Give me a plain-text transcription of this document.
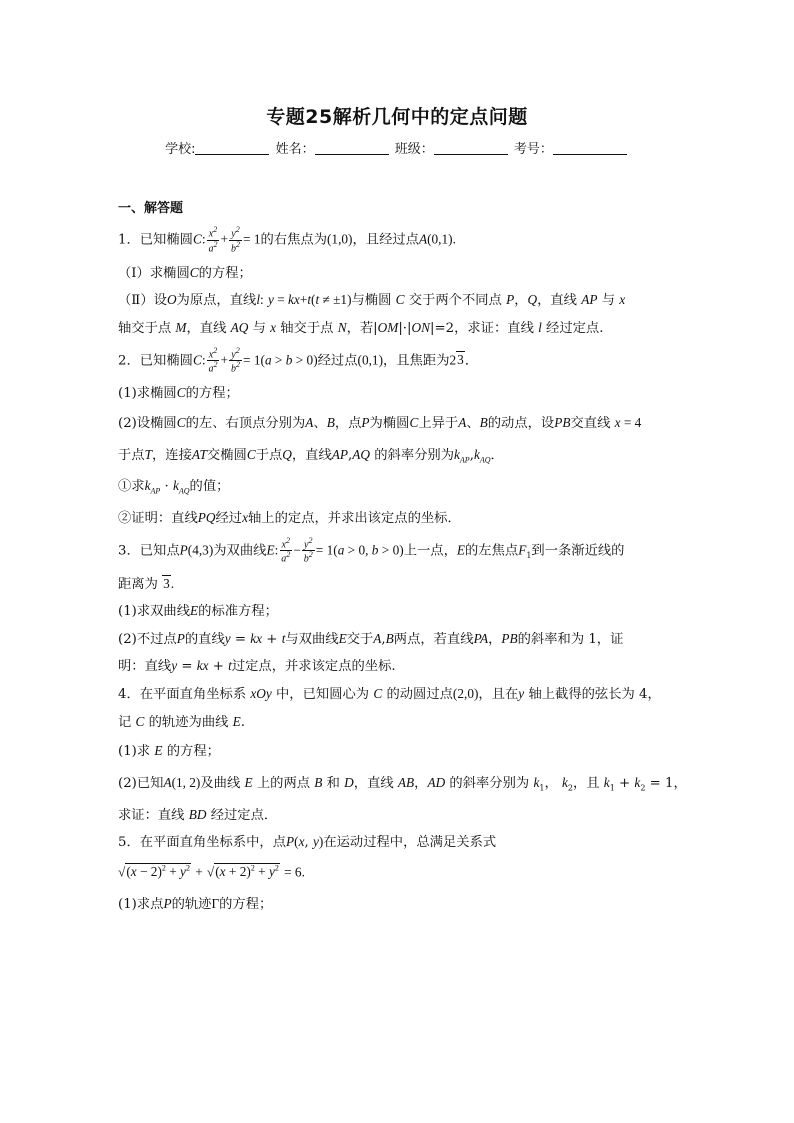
专题25解析几何中的定点问题
学校:	姓名：	班级：	考号：
一、解答题

1．已知椭圆C: $\frac{x^2}{a^2} + \frac{y^2}{b^2} = 1$的右焦点为(1,0)，且经过点A(0,1).

（Ⅰ）求椭圆C的方程；

（Ⅱ）设O为原点，直线l: y = kx+t(t ≠ ±1)与椭圆 C 交于两个不同点 P，Q，直线 AP 与 x

轴交于点 M，直线 AQ 与 x 轴交于点 N，若|OM|·|ON|=2，求证：直线 l 经过定点.

2．已知椭圆C: $\frac{x^2}{a^2} + \frac{y^2}{b^2} = 1(a > b > 0)$经过点(0,1)，且焦距为23．

(1)求椭圆C的方程；

(2)设椭圆C的左、右顶点分别为A、B，点P为椭圆C上异于A、B的动点，设PB交直线 x = 4

于点T，连接AT交椭圆C于点Q，直线AP,AQ 的斜率分别为$k_{AP},k_{AQ}$．

①求$k_{AP} \cdot k_{AQ}$的值；

②证明：直线PQ经过x轴上的定点，并求出该定点的坐标．

3．已知点P(4,3)为双曲线E: $\frac{x^2}{a^2} - \frac{y^2}{b^2} = 1(a > 0$, b > 0)上一点，E的左焦点$F_1$到一条渐近线的

距离为 3.

(1)求双曲线E的标准方程；

(2)不过点P的直线y = kx + t与双曲线E交于A,B两点，若直线PA，PB的斜率和为 1，证

明：直线y = kx + t过定点，并求该定点的坐标.

4．在平面直角坐标系 xOy 中，已知圆心为 C 的动圆过点(2,0)，且在y 轴上截得的弦长为 4，

记 C 的轨迹为曲线 E.

(1)求 E 的方程；

(2)已知A(1, 2)及曲线 E 上的两点 B 和 D，直线 AB，AD 的斜率分别为 $k_1$， $k_2$，且 $k_1 + k_2 = 1$，

求证：直线 BD 经过定点．

5．在平面直角坐标系中，点P(x, y)在运动过程中，总满足关系式

$√(x - 2)^2 + y^2 + √(x + 2)^2 + y^2 = 6$.

(1)求点P的轨迹Γ的方程；
